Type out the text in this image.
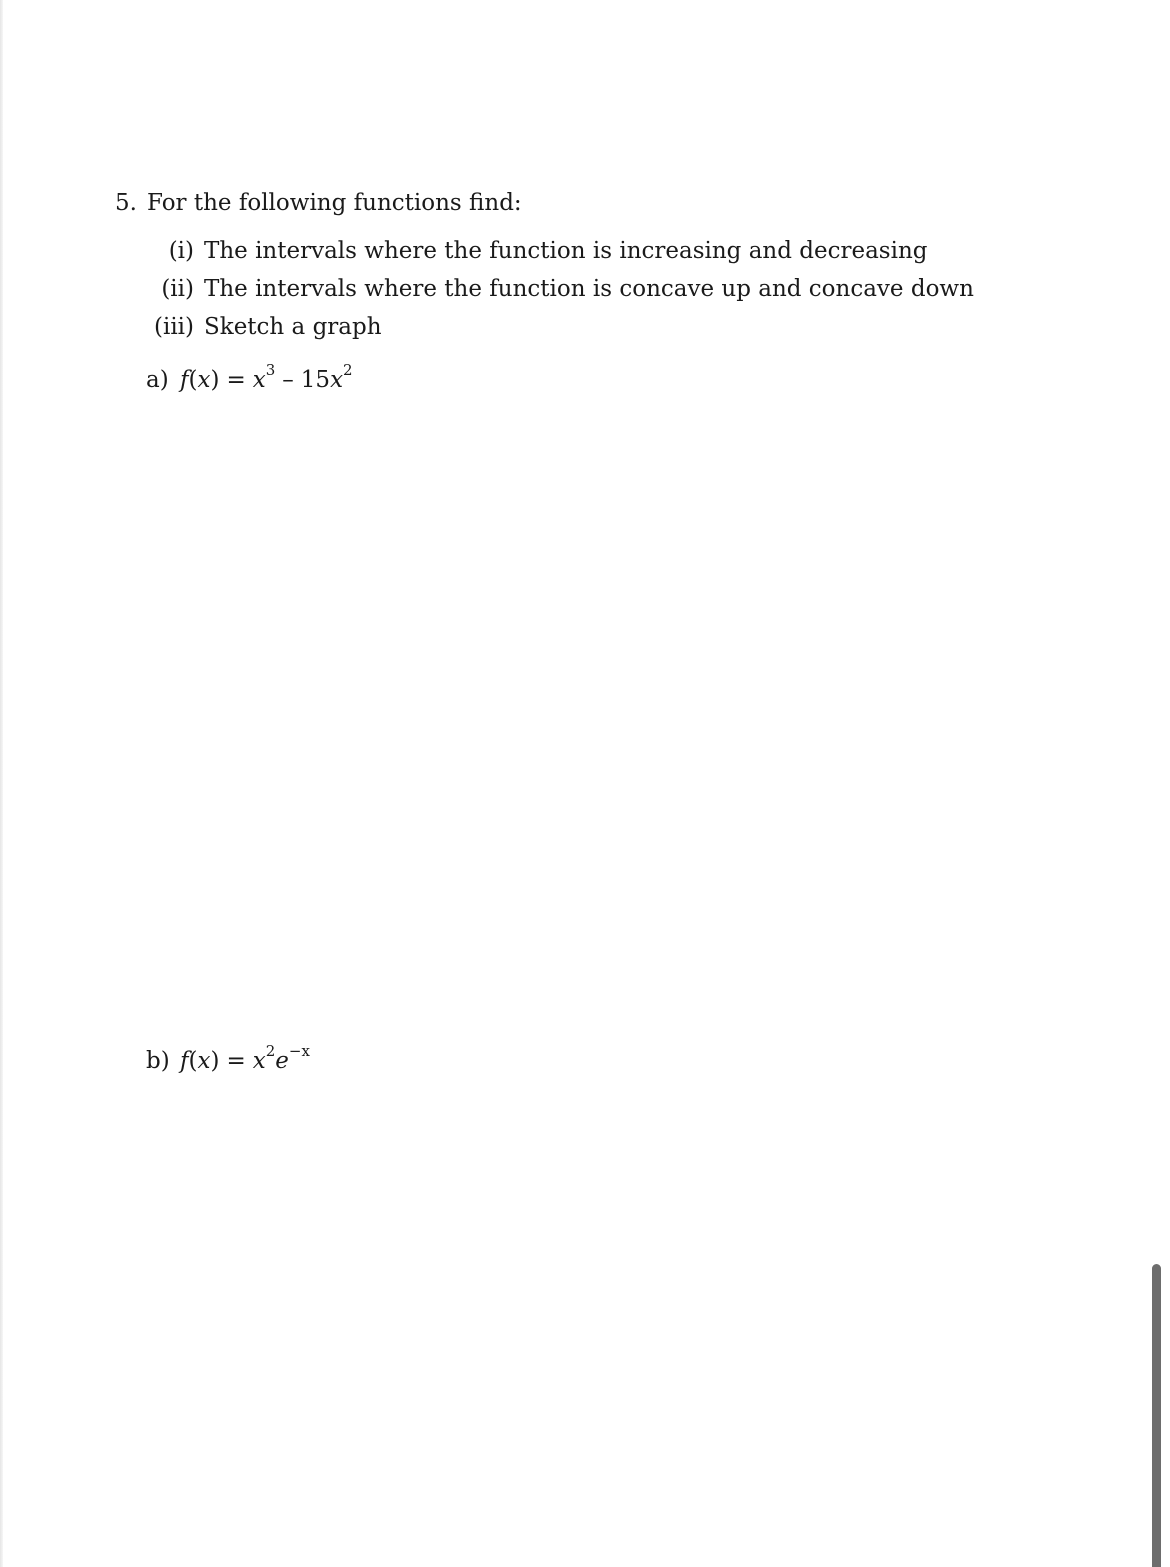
5. For the following functions find:
(i) The intervals where the function is increasing and decreasing
(ii) The intervals where the function is concave up and concave down
(iii) Sketch a graph
a) $f(x) = x^3 - 15x^2$
b) $f(x) = x^2e^{-x}$
